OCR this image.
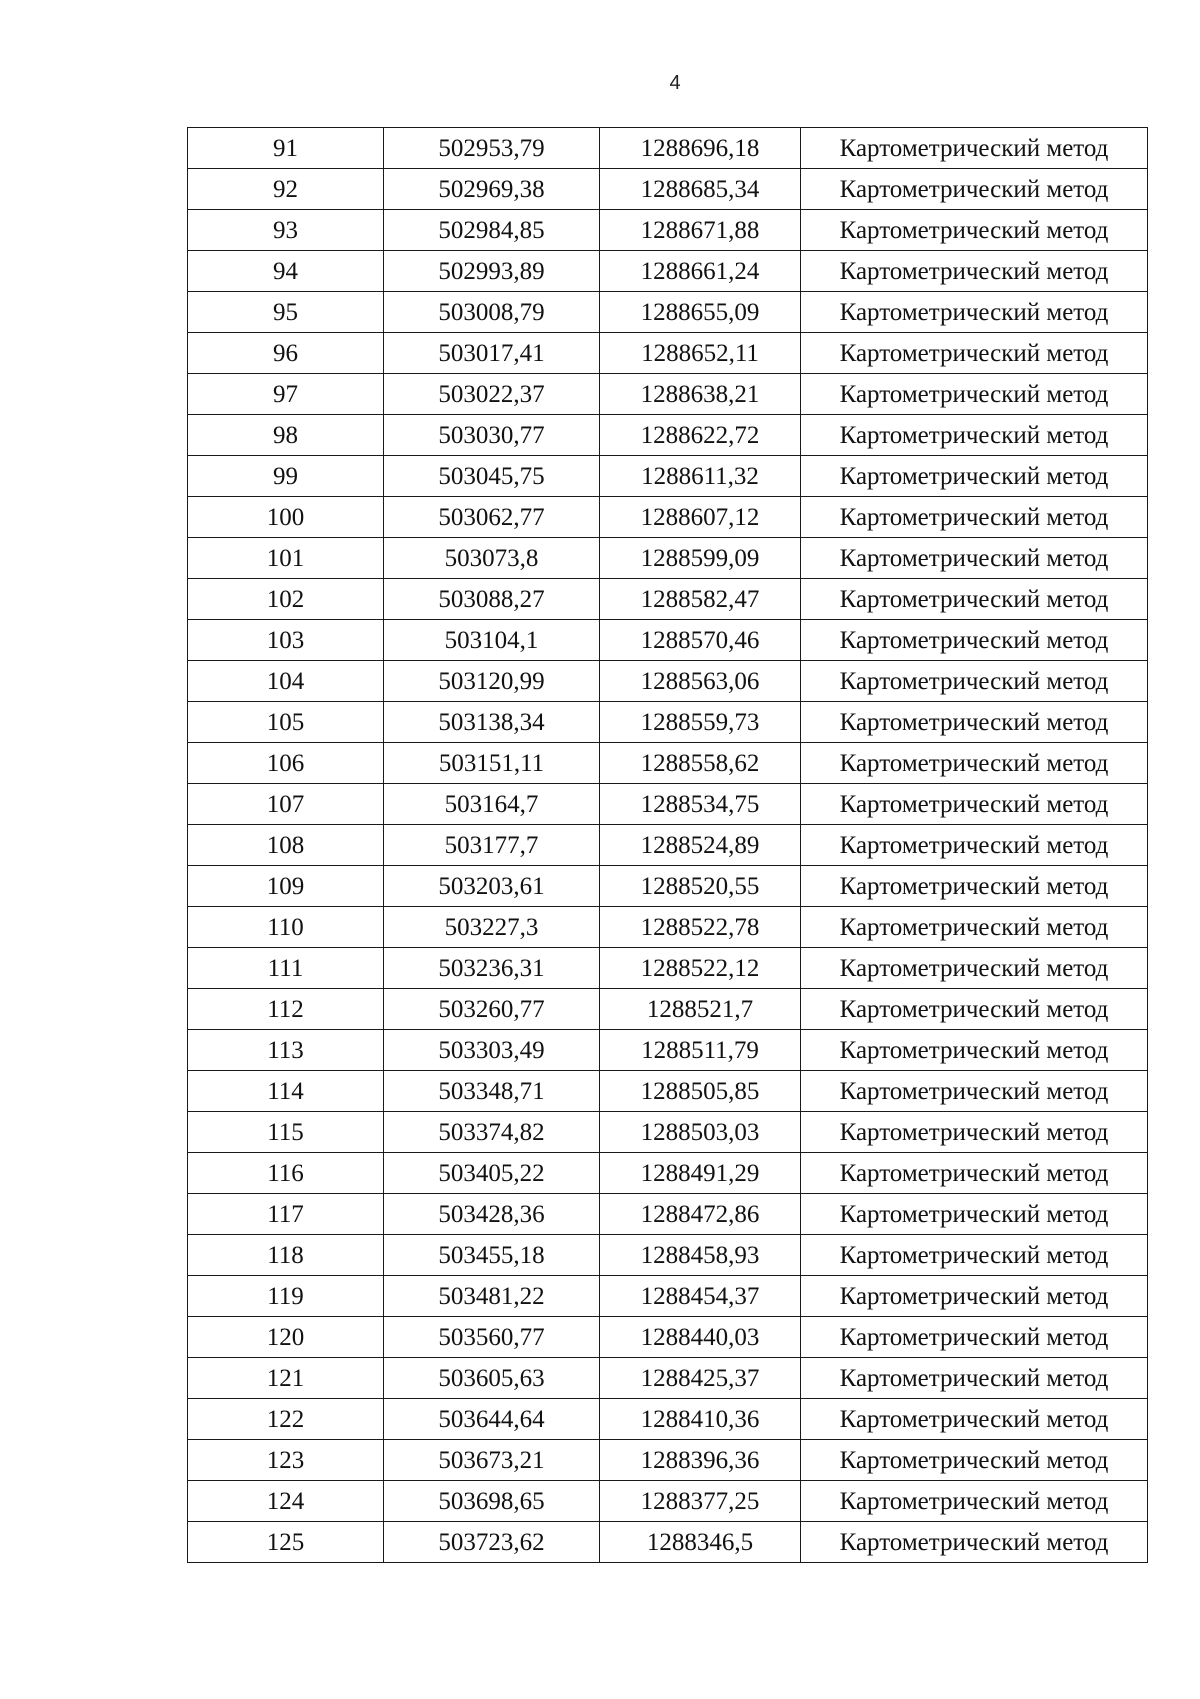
4
91	502953,79	1288696,18	Картометрический метод
92	502969,38	1288685,34	Картометрический метод
93	502984,85	1288671,88	Картометрический метод
94	502993,89	1288661,24	Картометрический метод
95	503008,79	1288655,09	Картометрический метод
96	503017,41	1288652,11	Картометрический метод
97	503022,37	1288638,21	Картометрический метод
98	503030,77	1288622,72	Картометрический метод
99	503045,75	1288611,32	Картометрический метод
100	503062,77	1288607,12	Картометрический метод
101	503073,8	1288599,09	Картометрический метод
102	503088,27	1288582,47	Картометрический метод
103	503104,1	1288570,46	Картометрический метод
104	503120,99	1288563,06	Картометрический метод
105	503138,34	1288559,73	Картометрический метод
106	503151,11	1288558,62	Картометрический метод
107	503164,7	1288534,75	Картометрический метод
108	503177,7	1288524,89	Картометрический метод
109	503203,61	1288520,55	Картометрический метод
110	503227,3	1288522,78	Картометрический метод
111	503236,31	1288522,12	Картометрический метод
112	503260,77	1288521,7	Картометрический метод
113	503303,49	1288511,79	Картометрический метод
114	503348,71	1288505,85	Картометрический метод
115	503374,82	1288503,03	Картометрический метод
116	503405,22	1288491,29	Картометрический метод
117	503428,36	1288472,86	Картометрический метод
118	503455,18	1288458,93	Картометрический метод
119	503481,22	1288454,37	Картометрический метод
120	503560,77	1288440,03	Картометрический метод
121	503605,63	1288425,37	Картометрический метод
122	503644,64	1288410,36	Картометрический метод
123	503673,21	1288396,36	Картометрический метод
124	503698,65	1288377,25	Картометрический метод
125	503723,62	1288346,5	Картометрический метод
